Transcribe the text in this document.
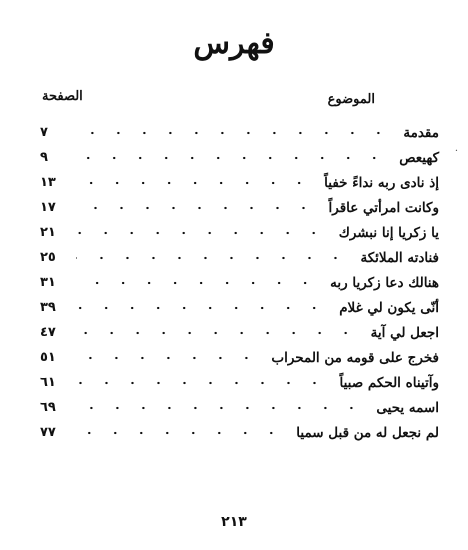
فهرس
الموضوع
الصفحة
مقدمة
٧
كهيعص
٩
إذ نادى ربه نداءً خفياً
١٣
وكانت امرأتي عاقراً
١٧
يا زكريا إنا نبشرك
٢١
فنادته الملائكة
٢٥
هنالك دعا زكريا ربه
٣١
أنّى يكون لي غلام
٣٩
اجعل لي آية
٤٧
فخرج على قومه من المحراب
٥١
وآتيناه الحكم صبياً
٦١
اسمه يحيى
٦٩
لم نجعل له من قبل سميا
٧٧
·
٢١٣
